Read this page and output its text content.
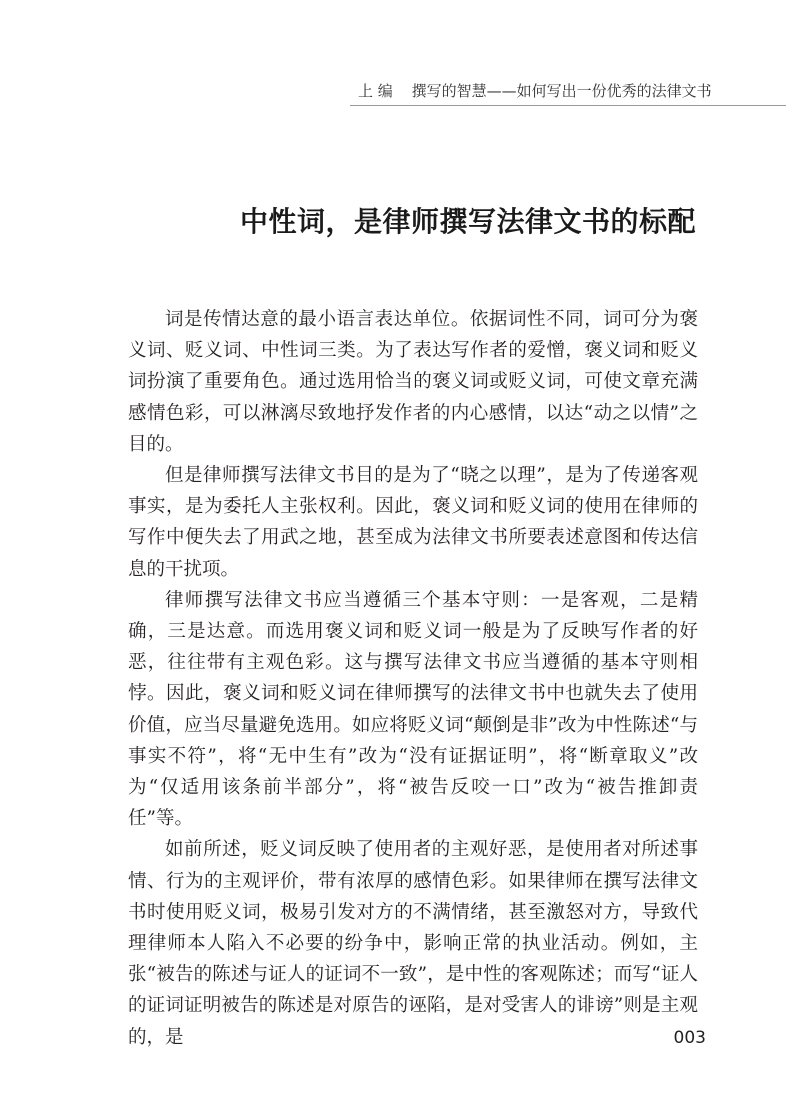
上 编 撰写的智慧——如何写出一份优秀的法律文书
中性词，是律师撰写法律文书的标配

词是传情达意的最小语言表达单位。依据词性不同，词可分为褒义词、贬义词、中性词三类。为了表达写作者的爱憎，褒义词和贬义词扮演了重要角色。通过选用恰当的褒义词或贬义词，可使文章充满感情色彩，可以淋漓尽致地抒发作者的内心感情，以达“动之以情”之目的。

但是律师撰写法律文书目的是为了“晓之以理”，是为了传递客观事实，是为委托人主张权利。因此，褒义词和贬义词的使用在律师的写作中便失去了用武之地，甚至成为法律文书所要表述意图和传达信息的干扰项。

律师撰写法律文书应当遵循三个基本守则：一是客观，二是精确，三是达意。而选用褒义词和贬义词一般是为了反映写作者的好恶，往往带有主观色彩。这与撰写法律文书应当遵循的基本守则相悖。因此，褒义词和贬义词在律师撰写的法律文书中也就失去了使用价值，应当尽量避免选用。如应将贬义词“颠倒是非”改为中性陈述“与事实不符”，将“无中生有”改为“没有证据证明”，将“断章取义”改为“仅适用该条前半部分”，将“被告反咬一口”改为“被告推卸责任”等。

如前所述，贬义词反映了使用者的主观好恶，是使用者对所述事情、行为的主观评价，带有浓厚的感情色彩。如果律师在撰写法律文书时使用贬义词，极易引发对方的不满情绪，甚至激怒对方，导致代理律师本人陷入不必要的纷争中，影响正常的执业活动。例如，主张“被告的陈述与证人的证词不一致”，是中性的客观陈述；而写“证人的证词证明被告的陈述是对原告的诬陷，是对受害人的诽谤”则是主观的，是	003
